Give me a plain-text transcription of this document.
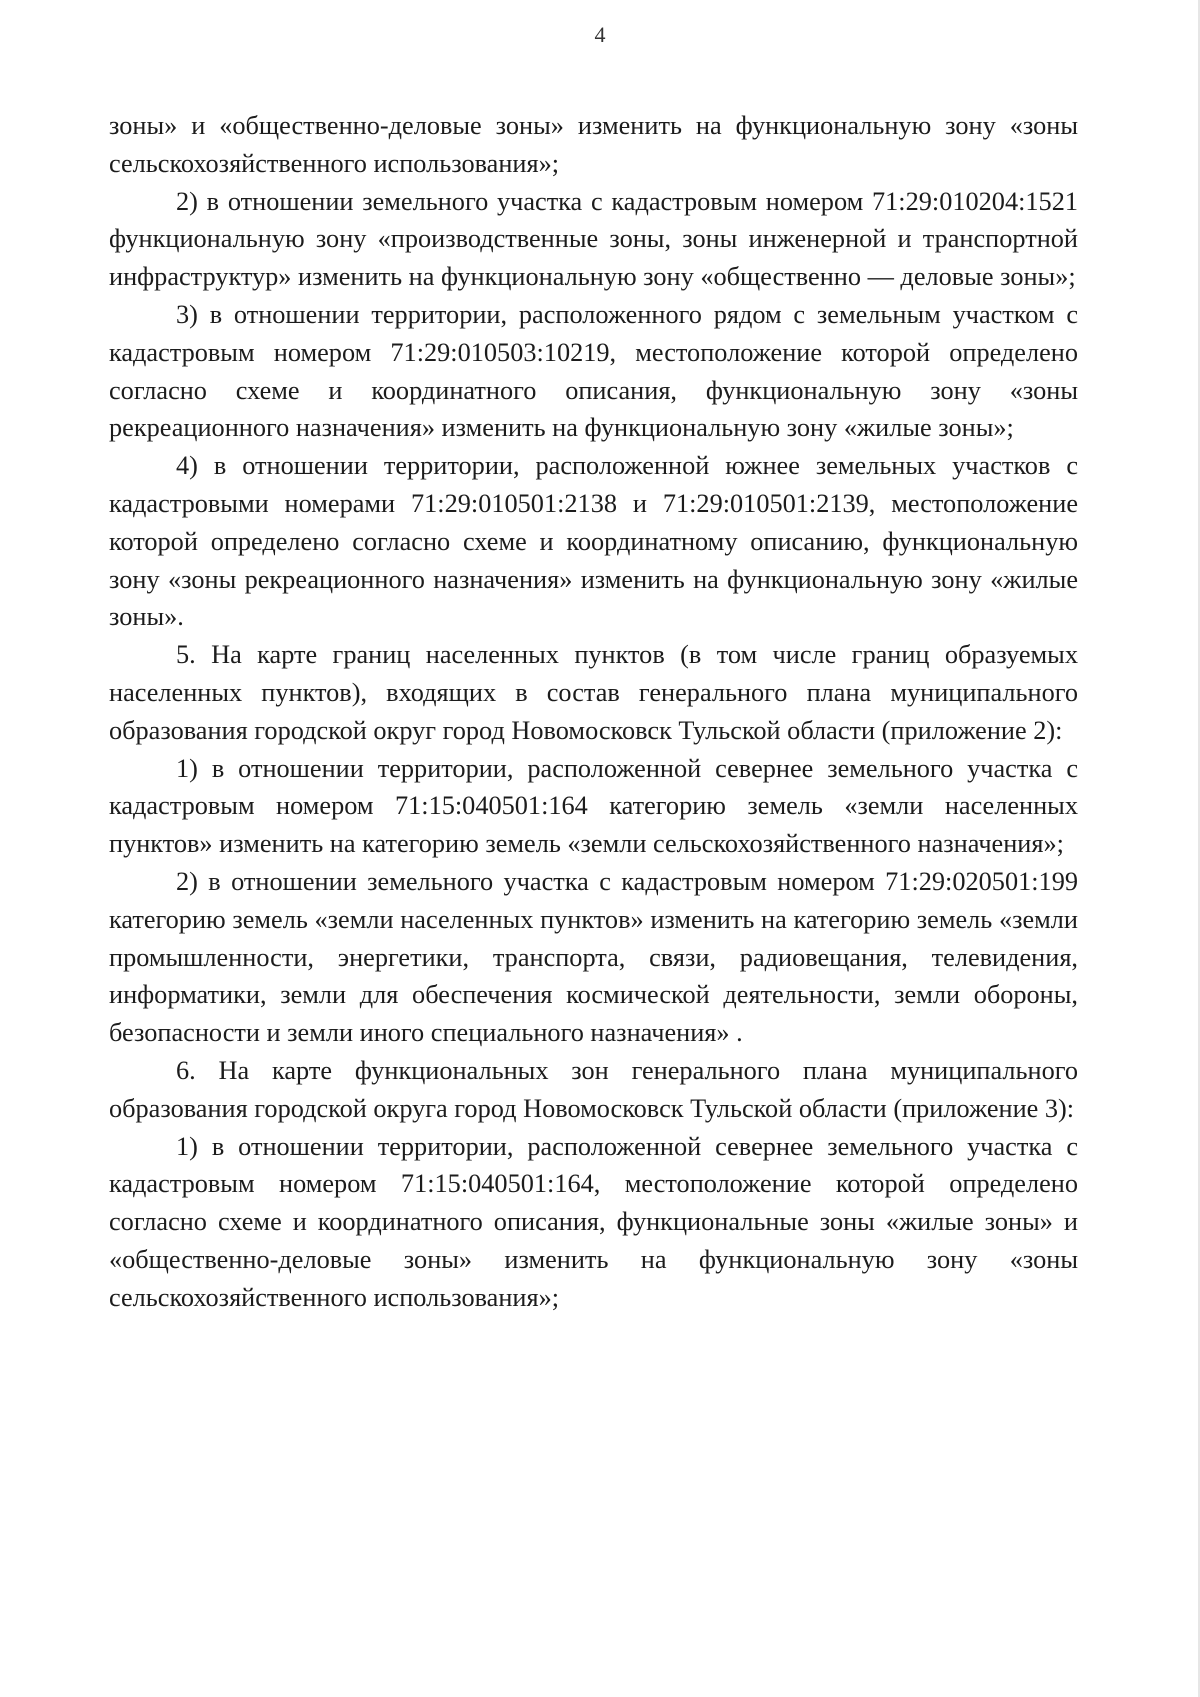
4

зоны» и «общественно-деловые зоны» изменить на функциональную зону «зоны сельскохозяйственного использования»;

2) в отношении земельного участка с кадастровым номером 71:29:010204:1521 функциональную зону «производственные зоны, зоны инженерной и транспортной инфраструктур» изменить на функциональную зону «общественно — деловые зоны»;

3) в отношении территории, расположенного рядом с земельным участком с кадастровым номером 71:29:010503:10219, местоположение которой определено согласно схеме и координатного описания, функциональную зону «зоны рекреационного назначения» изменить на функциональную зону «жилые зоны»;

4) в отношении территории, расположенной южнее земельных участков с кадастровыми номерами 71:29:010501:2138 и 71:29:010501:2139, местоположение которой определено согласно схеме и координатному описанию, функциональную зону «зоны рекреационного назначения» изменить на функциональную зону «жилые зоны».

5. На карте границ населенных пунктов (в том числе границ образуемых населенных пунктов), входящих в состав генерального плана муниципального образования городской округ город Новомосковск Тульской области (приложение 2):

1) в отношении территории, расположенной севернее земельного участка с кадастровым номером 71:15:040501:164 категорию земель «земли населенных пунктов» изменить на категорию земель «земли сельскохозяйственного назначения»;

2) в отношении земельного участка с кадастровым номером 71:29:020501:199 категорию земель «земли населенных пунктов» изменить на категорию земель «земли промышленности, энергетики, транспорта, связи, радиовещания, телевидения, информатики, земли для обеспечения космической деятельности, земли обороны, безопасности и земли иного специального назначения» .

6. На карте функциональных зон генерального плана муниципального образования городской округа город Новомосковск Тульской области (приложение 3):

1) в отношении территории, расположенной севернее земельного участка с кадастровым номером 71:15:040501:164, местоположение которой определено согласно схеме и координатного описания, функциональные зоны «жилые зоны» и «общественно-деловые зоны» изменить на функциональную зону «зоны сельскохозяйственного использования»;
